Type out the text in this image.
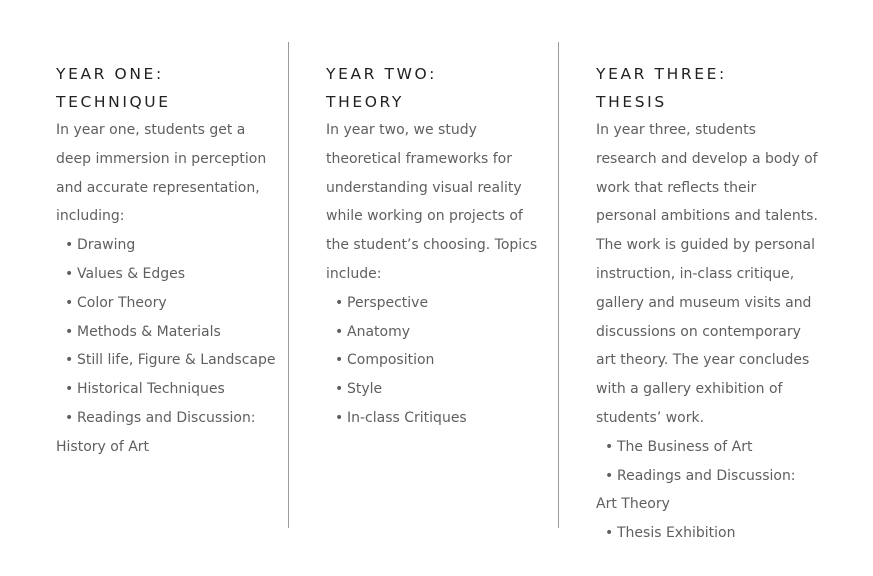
YEAR ONE:
TECHNIQUE

In year one, students get a deep immersion in perception and accurate representation, including:

• Drawing
• Values & Edges
• Color Theory
• Methods & Materials
• Still life, Figure & Landscape
• Historical Techniques
• Readings and Discussion: History of Art
YEAR TWO:
THEORY

In year two, we study theoretical frameworks for understanding visual reality while working on projects of the student’s choosing. Topics include:

• Perspective
• Anatomy
• Composition
• Style
• In-class Critiques
YEAR THREE:
THESIS

In year three, students research and develop a body of work that reflects their personal ambitions and talents. The work is guided by personal instruction, in-class critique, gallery and museum visits and discussions on contemporary art theory. The year concludes with a gallery exhibition of students’ work.

• The Business of Art
• Readings and Discussion: Art Theory
• Thesis Exhibition
